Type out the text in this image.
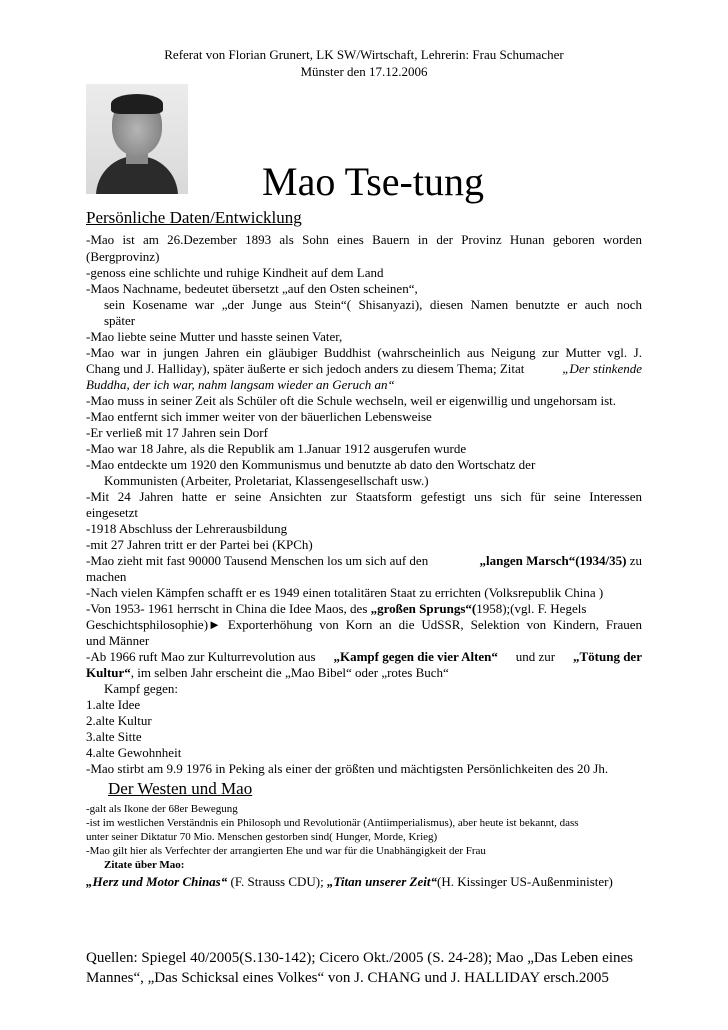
Referat von Florian Grunert, LK SW/Wirtschaft, Lehrerin: Frau Schumacher
Münster den 17.12.2006
Mao Tse-tung
Persönliche Daten/Entwicklung
-Mao ist am 26.Dezember 1893 als Sohn eines Bauern in der Provinz Hunan geboren worden
(Bergprovinz)
-genoss eine schlichte und ruhige Kindheit auf dem Land
-Maos Nachname, bedeutet übersetzt „auf den Osten scheinen“,
sein Kosename war „der Junge aus Stein“( Shisanyazi), diesen Namen benutzte er auch noch
später
-Mao liebte seine Mutter und hasste seinen Vater,
-Mao war in jungen Jahren ein gläubiger Buddhist (wahrscheinlich aus Neigung zur Mutter vgl. J.
Chang und J. Halliday), später äußerte er sich jedoch anders zu diesem Thema; Zitat	„Der stinkende
Buddha, der ich war, nahm langsam wieder an Geruch an“
-Mao muss in seiner Zeit als Schüler oft die Schule wechseln, weil er eigenwillig und ungehorsam ist.
-Mao entfernt sich immer weiter von der bäuerlichen Lebensweise
-Er verließ mit 17 Jahren sein Dorf
-Mao war 18 Jahre, als die Republik am 1.Januar 1912 ausgerufen wurde
-Mao entdeckte um 1920 den Kommunismus und benutzte ab dato den Wortschatz der
Kommunisten (Arbeiter, Proletariat, Klassengesellschaft usw.)
-Mit 24 Jahren hatte er seine Ansichten zur Staatsform gefestigt uns sich für seine Interessen
eingesetzt
-1918 Abschluss der Lehrerausbildung
-mit 27 Jahren tritt er der Partei bei (KPCh)
-Mao zieht mit fast 90000 Tausend Menschen los um sich auf den	„langen Marsch“(1934/35) zu
machen
-Nach vielen Kämpfen schafft er es 1949 einen totalitären Staat zu errichten (Volksrepublik China )
-Von 1953- 1961 herrscht in China die Idee Maos, des „großen Sprungs“(1958);(vgl. F. Hegels
Geschichtsphilosophie)► Exporterhöhung von Korn an die UdSSR, Selektion von Kindern, Frauen
und Männer
-Ab 1966 ruft Mao zur Kulturrevolution aus „Kampf gegen die vier Alten“ und zur „Tötung der
Kultur“, im selben Jahr erscheint die „Mao Bibel“ oder „rotes Buch“
Kampf gegen:
1.alte Idee
2.alte Kultur
3.alte Sitte
4.alte Gewohnheit
-Mao stirbt am 9.9 1976 in Peking als einer der größten und mächtigsten Persönlichkeiten des 20 Jh.
Der Westen und Mao
-galt als Ikone der 68er Bewegung
-ist im westlichen Verständnis ein Philosoph und Revolutionär (Antiimperialismus), aber heute ist bekannt, dass
unter seiner Diktatur 70 Mio. Menschen gestorben sind( Hunger, Morde, Krieg)
-Mao gilt hier als Verfechter der arrangierten Ehe und war für die Unabhängigkeit der Frau
Zitate über Mao:
„Herz und Motor Chinas“ (F. Strauss CDU); „Titan unserer Zeit“(H. Kissinger US-Außenminister)
Quellen: Spiegel 40/2005(S.130-142); Cicero Okt./2005 (S. 24-28); Mao „Das Leben eines
Mannes“, „Das Schicksal eines Volkes“ von J. CHANG und J. HALLIDAY ersch.2005
